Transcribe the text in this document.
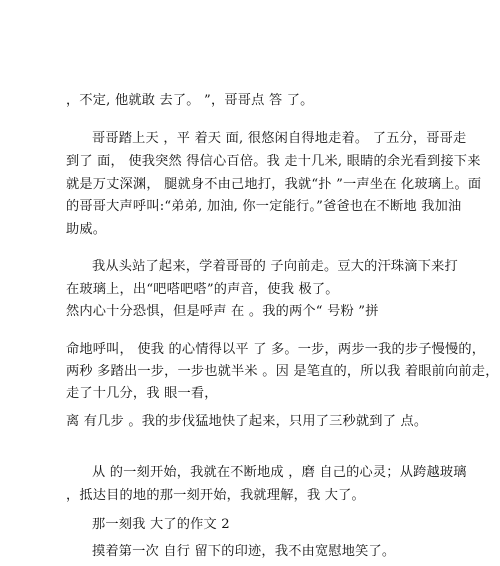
，不定, 他就敢 去了。 ”，哥哥点 答 了。
哥哥踏上天 ，平 着天 面, 很悠闲自得地走着。 了五分，哥哥走
到了 面， 使我突然 得信心百倍。我 走十几米, 眼睛的余光看到接下来
就是万丈深渊， 腿就身不由己地打，我就“扑 ”一声坐在 化玻璃上。面
的哥哥大声呼叫:“弟弟, 加油, 你一定能行。”爸爸也在不断地 我加油
助威。
我从头站了起来，学着哥哥的 子向前走。豆大的汗珠滴下来打
在玻璃上，出“吧嗒吧嗒”的声音，使我 极了。
然内心十分恐惧，但是呼声 在 。我的两个“ 号粉 ”拼
命地呼叫， 使我 的心情得以平 了 多。一步，两步一我的步子慢慢的，
两秒 多踏出一步，一步也就半米 。因 是笔直的，所以我 着眼前向前走，
走了十几分，我 眼一看，
离 有几步 。我的步伐猛地快了起来，只用了三秒就到了 点。
从 的一刻开始，我就在不断地成 ，磨 自己的心灵；从跨越玻璃
，抵达目的地的那一刻开始，我就理解，我 大了。
那一刻我 大了的作文 2
摸着第一次 自行 留下的印迹，我不由宽慰地笑了。
